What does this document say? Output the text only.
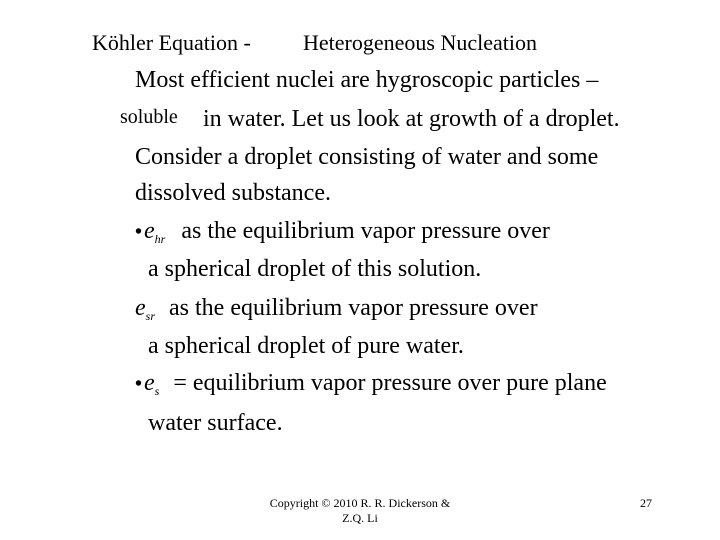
Köhler Equation - Heterogeneous Nucleation
Most efficient nuclei are hygroscopic particles –
soluble in water. Let us look at growth of a droplet.
Consider a droplet consisting of water and some
dissolved substance.
$•e_{hr}$ as the equilibrium vapor pressure over
a spherical droplet of this solution.
$e_{sr}$ as the equilibrium vapor pressure over
a spherical droplet of pure water.
$•e_s$ = equilibrium vapor pressure over pure plane
water surface.
Copyright © 2010 R. R. Dickerson &
Z.Q. Li
27
